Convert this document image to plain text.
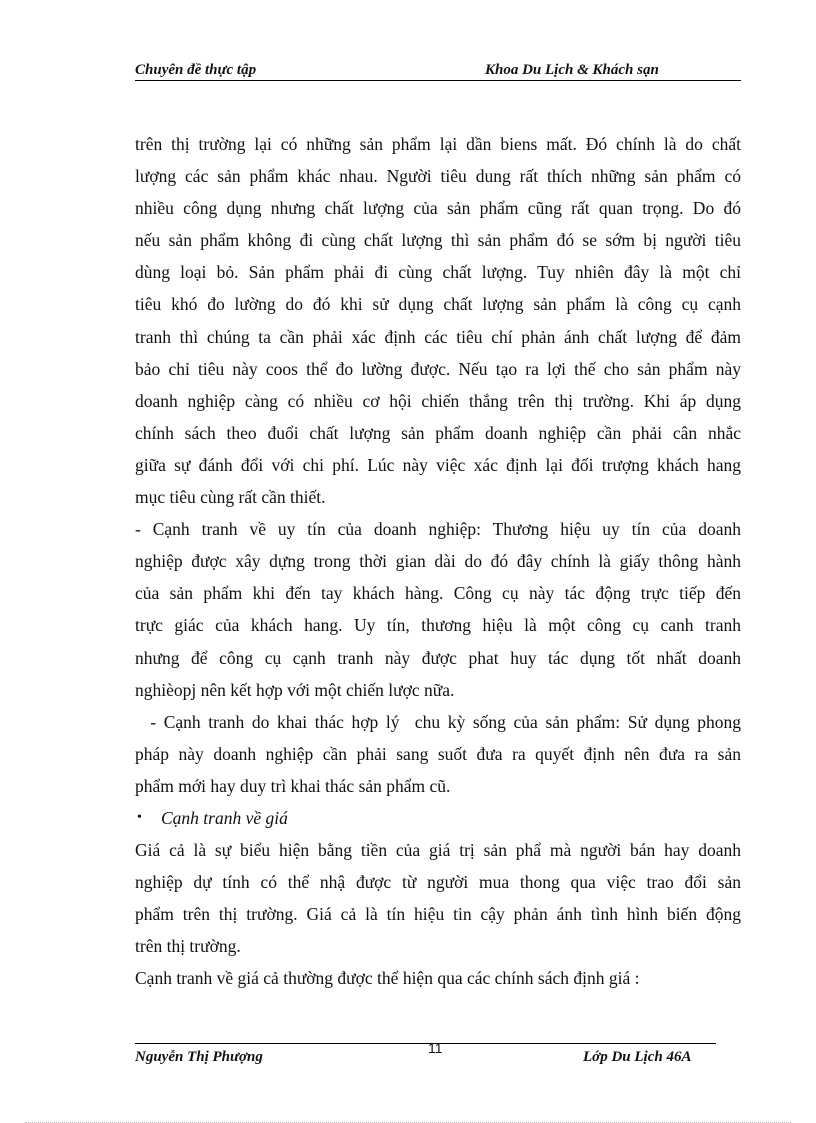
Chuyên đề thực tập	Khoa Du Lịch & Khách sạn
trên thị trường lại có những sản phẩm lại dần biens mất. Đó chính là do chất
lượng các sản phẩm khác nhau. Người tiêu dung rất thích những sản phẩm có
nhiều công dụng nhưng chất lượng của sản phẩm cũng rất quan trọng. Do đó
nếu sản phẩm không đi cùng chất lượng thì sản phẩm đó se sớm bị người tiêu
dùng loại bỏ. Sản phẩm phải đi cùng chất lượng. Tuy nhiên đây là một chỉ
tiêu khó đo lường do đó khi sử dụng chất lượng sản phẩm là công cụ cạnh
tranh thì chúng ta cần phải xác định các tiêu chí phản ánh chất lượng để đảm
bảo chỉ tiêu này coos thể đo lường được. Nếu tạo ra lợi thế cho sản phẩm này
doanh nghiệp càng có nhiều cơ hội chiến thắng trên thị trường. Khi áp dụng
chính sách theo đuổi chất lượng sản phẩm doanh nghiệp cần phải cân nhắc
giữa sự đánh đổi với chi phí. Lúc này việc xác định lại đối trượng khách hang
mục tiêu cùng rất cần thiết.
- Cạnh tranh về uy tín của doanh nghiệp: Thương hiệu uy tín của doanh
nghiệp được xây dựng trong thời gian dài do đó đây chính là giấy thông hành
của sản phẩm khi đến tay khách hàng. Công cụ này tác động trực tiếp đến
trực giác của khách hang. Uy tín, thương hiệu là một công cụ canh tranh
nhưng để công cụ cạnh tranh này được phat huy tác dụng tốt nhất doanh
nghièopj nên kết hợp với một chiến lược nữa.
- Cạnh tranh do khai thác hợp lý  chu kỳ sống của sản phẩm: Sử dụng phong
pháp này doanh nghiệp cần phải sang suốt đưa ra quyết định nên đưa ra sản
phẩm mới hay duy trì khai thác sản phẩm cũ.
• Cạnh tranh về giá
Giá cả là sự biểu hiện bằng tiền của giá trị sản phẩ mà người bán hay doanh
nghiệp dự tính có thể nhậ được từ người mua thong qua việc trao đổi sản
phẩm trên thị trường. Giá cả là tín hiệu tin cậy phản ánh tình hình biến động
trên thị trường.
Cạnh tranh về giá cả thường được thể hiện qua các chính sách định giá :
11
Nguyễn Thị Phượng	Lớp Du Lịch 46A
